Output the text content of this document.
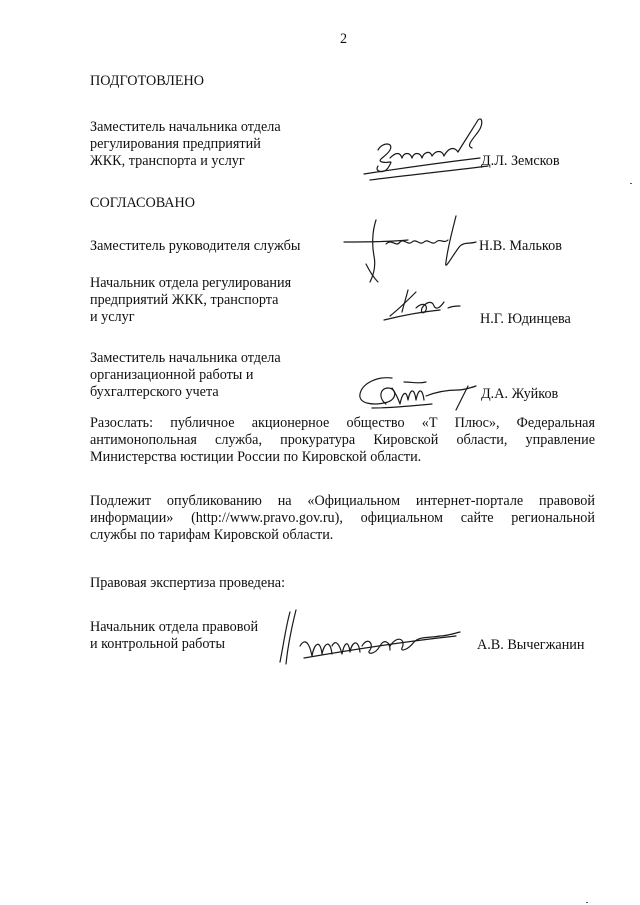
2
ПОДГОТОВЛЕНО
Заместитель начальника отдела
регулирования предприятий
ЖКК, транспорта и услуг	Д.Л. Земсков
СОГЛАСОВАНО
Заместитель руководителя службы	Н.В. Мальков
Начальник отдела регулирования
предприятий ЖКК, транспорта
и услуг	Н.Г. Юдинцева
Заместитель начальника отдела
организационной работы и
бухгалтерского учета	Д.А. Жуйков
Разослать: публичное акционерное общество «Т Плюс», Федеральная
антимонопольная служба, прокуратура Кировской области, управление
Министерства юстиции России по Кировской области.
Подлежит опубликованию на «Официальном интернет-портале правовой
информации» (http://www.pravo.gov.ru), официальном сайте региональной
службы по тарифам Кировской области.
Правовая экспертиза проведена:
Начальник отдела правовой
и контрольной работы	А.В. Вычегжанин
